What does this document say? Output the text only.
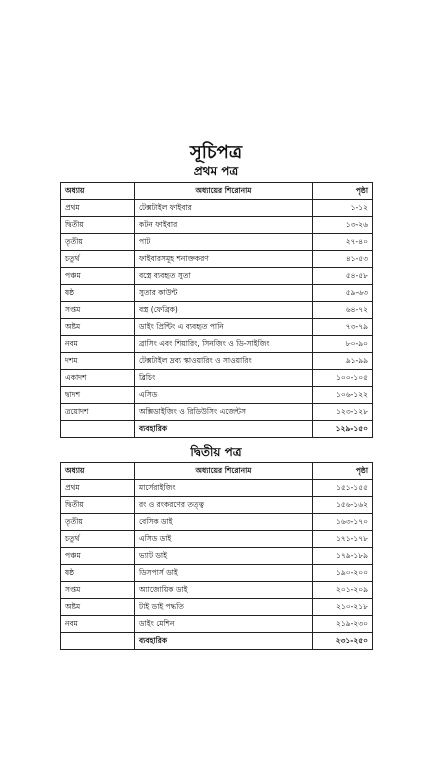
সূচিপত্র
প্রথম পত্র
অধ্যায়	অধ্যায়ের শিরোনাম	পৃষ্ঠা
প্রথম	টেক্সটাইল ফাইবার	১-১২
দ্বিতীয়	কটন ফাইবার	১৩-২৬
তৃতীয়	পাট	২৭-৪০
চতুর্থ	ফাইবারসমূহ শনাক্তকরণ	৪১-৫৩
পঞ্চম	বস্ত্রে ব্যবহৃত সুতা	৫৪-৫৮
ষষ্ঠ	সুতার কাউন্ট	৫৯-৬৩
সপ্তম	বস্ত্র (ফেব্রিক)	৬৪-৭২
অষ্টম	ডাইং প্রিন্টিং এ ব্যবহৃত পানি	৭৩-৭৯
নবম	ব্রাসিং এবং শিয়ারিং, সিনজিং ও ডি-সাইজিং	৮০-৯০
দশম	টেক্সটাইল দ্রব্য স্কাওয়ারিং ও সাওয়ারিং	৯১-৯৯
একাদশ	ব্লিচিং	১০০-১০৫
দ্বাদশ	এসিড	১০৬-১২২
ত্রয়োদশ	অক্সিডাইজিং ও রিডিউসিং এজেন্টস	১২৩-১২৮
	ব্যবহারিক	১২৯-১৫০
দ্বিতীয় পত্র
অধ্যায়	অধ্যায়ের শিরোনাম	পৃষ্ঠা
প্রথম	মার্সেরাইজিং	১৫১-১৫৫
দ্বিতীয়	রং ও রংকরণের তত্ত্ব	১৫৬-১৬২
তৃতীয়	বেসিক ডাই	১৬৩-১৭০
চতুর্থ	এসিড ডাই	১৭১-১৭৮
পঞ্চম	ভ্যাট ডাই	১৭৯-১৮৯
ষষ্ঠ	ডিসপার্স ডাই	১৯০-২০০
সপ্তম	অ্যাজোয়িক ডাই	২০১-২০৯
অষ্টম	টাই ডাই পদ্ধতি	২১০-২১৮
নবম	ডাইং মেশিন	২১৯-২৩০
	ব্যবহারিক	২৩১-২৫০
